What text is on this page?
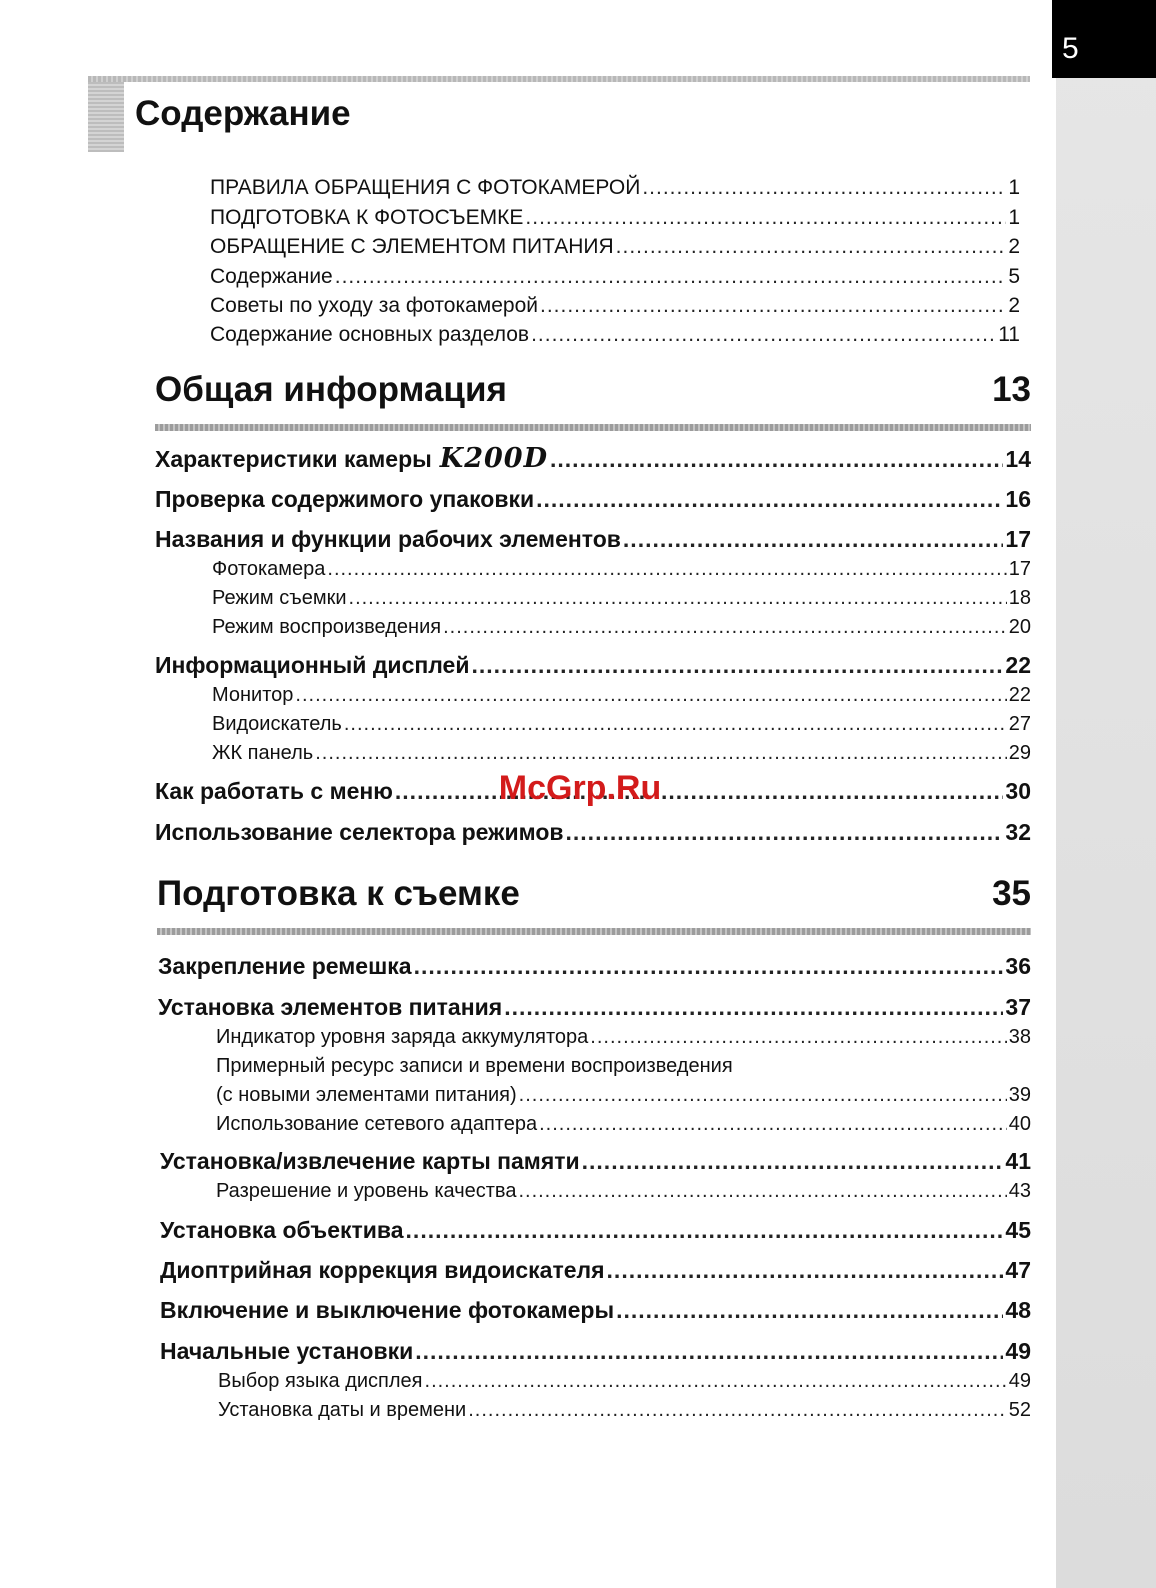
5
Содержание
ПРАВИЛА ОБРАЩЕНИЯ С ФОТОКАМЕРОЙ .....	1
ПОДГОТОВКА К ФОТОСЪЕМКЕ .....	1
ОБРАЩЕНИЕ С ЭЛЕМЕНТОМ ПИТАНИЯ .....	2
Содержание .....	5
Советы по уходу за фотокамерой .....	2
Содержание основных разделов .....	11
Общая информация	13
Характеристики камеры K200D .....	14
Проверка содержимого упаковки .....	16
Названия и функции рабочих элементов .....	17
Фотокамера .....	17
Режим съемки .....	18
Режим воспроизведения .....	20
Информационный дисплей .....	22
Монитор .....	22
Видоискатель .....	27
ЖК панель .....	29
Как работать с меню .....	30
Использование селектора режимов .....	32
Подготовка к съемке	35
Закрепление ремешка .....	36
Установка элементов питания .....	37
Индикатор уровня заряда аккумулятора .....	38
Примерный ресурс записи и времени воспроизведения
(с новыми элементами питания) .....	39
Использование сетевого адаптера .....	40
Установка/извлечение карты памяти .....	41
Разрешение и уровень качества .....	43
Установка объектива .....	45
Диоптрийная коррекция видоискателя .....	47
Включение и выключение фотокамеры .....	48
Начальные установки .....	49
Выбор языка дисплея .....	49
Установка даты и времени .....	52
McGrp.Ru
